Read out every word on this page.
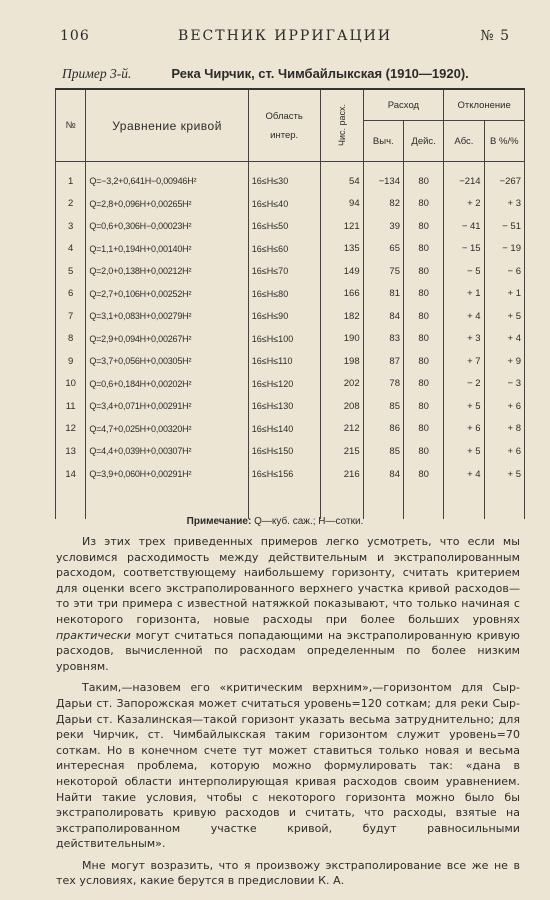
106	ВЕСТНИК ИРРИГАЦИИ	№ 5
Пример 3-й.	Река Чирчик, ст. Чимбайлыкская (1910—1920).
№	Уравнение кривой	Область
интер.	Чис. расх.	Расход		Отклонение	
				Выч.	Дейс.	Абс.	В %/%
1	Q=−3,2+0,641H−0,00946H²	16≤H≤30	54	−134	80	−214	−267
2	Q=2,8+0,096H+0,00265H²	16≤H≤40	94	82	80	+ 2	+ 3
3	Q=0,6+0,306H−0,00023H²	16≤H≤50	121	39	80	− 41	− 51
4	Q=1,1+0,194H+0,00140H²	16≤H≤60	135	65	80	− 15	− 19
5	Q=2,0+0,138H+0,00212H²	16≤H≤70	149	75	80	− 5	− 6
6	Q=2,7+0,106H+0,00252H²	16≤H≤80	166	81	80	+ 1	+ 1
7	Q=3,1+0,083H+0,00279H²	16≤H≤90	182	84	80	+ 4	+ 5
8	Q=2,9+0,094H+0,00267H²	16≤H≤100	190	83	80	+ 3	+ 4
9	Q=3,7+0,056H+0,00305H²	16≤H≤110	198	87	80	+ 7	+ 9
10	Q=0,6+0,184H+0,00202H²	16≤H≤120	202	78	80	− 2	− 3
11	Q=3,4+0,071H+0,00291H²	16≤H≤130	208	85	80	+ 5	+ 6
12	Q=4,7+0,025H+0,00320H²	16≤H≤140	212	86	80	+ 6	+ 8
13	Q=4,4+0,039H+0,00307H²	16≤H≤150	215	85	80	+ 5	+ 6
14	Q=3,9+0,060H+0,00291H²	16≤H≤156	216	84	80	+ 4	+ 5
Примечание: Q—куб. саж.; H—сотки.

Из этих трех приведенных примеров легко усмотреть, что если мы условимся расходимость между действительным и экстраполированным расходом, соответствующему наибольшему горизонту, считать критерием для оценки всего экстраполированного верхнего участка кривой расходов—то эти три примера с известной натяжкой показывают, что только начиная с некоторого горизонта, новые расходы при более больших уровнях практически могут считаться попадающими на экстраполированную кривую расходов, вычисленной по расходам определенным по более низким уровням.

Таким,—назовем его «критическим верхним»,—горизонтом для Сыр-Дарьи ст. Запорожская может считаться уровень=120 соткам; для реки Сыр-Дарьи ст. Казалинская—такой горизонт указать весьма затруднительно; для реки Чирчик, ст. Чимбайлыкская таким горизонтом служит уровень=70 соткам. Но в конечном счете тут может ставиться только новая и весьма интересная проблема, которую можно формулировать так: «дана в некоторой области интерполирующая кривая расходов своим уравнением. Найти такие условия, чтобы с некоторого горизонта можно было бы экстраполировать кривую расходов и считать, что расходы, взятые на экстраполированном участке кривой, будут равносильными действительным».

Мне могут возразить, что я произвожу экстраполирование все же не в тех условиях, какие берутся в предисловии К. А.
